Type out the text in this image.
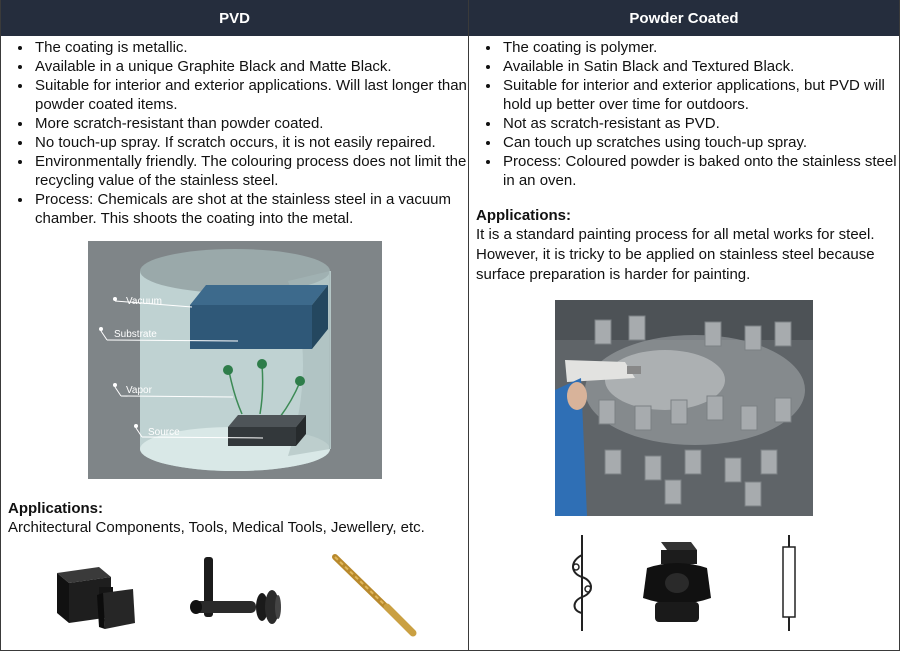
PVD
• The coating is metallic.
• Available in a unique Graphite Black and Matte Black.
• Suitable for interior and exterior applications. Will last longer than powder coated items.
• More scratch-resistant than powder coated.
• No touch-up spray. If scratch occurs, it is not easily repaired.
• Environmentally friendly. The colouring process does not limit the recycling value of the stainless steel.
• Process: Chemicals are shot at the stainless steel in a vacuum chamber. This shoots the coating into the metal.
Vacuum
Substrate
Vapor
Source
Applications:
Architectural Components, Tools, Medical Tools, Jewellery, etc.
Powder Coated
• The coating is polymer.
• Available in Satin Black and Textured Black.
• Suitable for interior and exterior applications, but PVD will hold up better over time for outdoors.
• Not as scratch-resistant as PVD.
• Can touch up scratches using touch-up spray.
• Process: Coloured powder is baked onto the stainless steel in an oven.
Applications:
It is a standard painting process for all metal works for steel. However, it is tricky to be applied on stainless steel because surface preparation is harder for painting.
